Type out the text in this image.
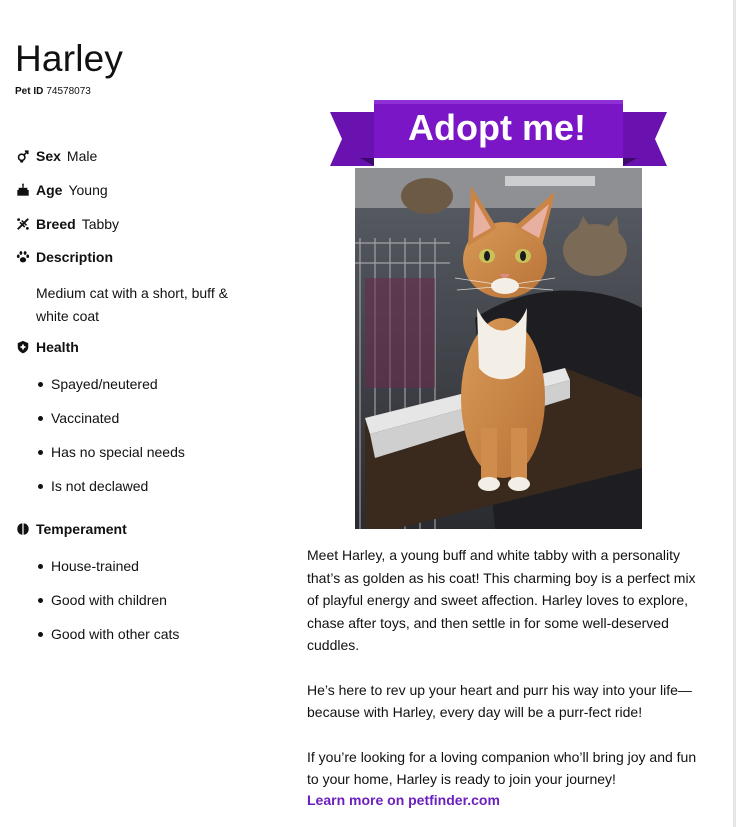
Harley
Pet ID 74578073
Sex Male
Age Young
Breed Tabby
Description
Medium cat with a short, buff & white coat
Health
Spayed/neutered
Vaccinated
Has no special needs
Is not declawed
Temperament
House-trained
Good with children
Good with other cats
Adopt me!

Meet Harley, a young buff and white tabby with a personality that’s as golden as his coat! This charming boy is a perfect mix of playful energy and sweet affection. Harley loves to explore, chase after toys, and then settle in for some well-deserved cuddles.

He’s here to rev up your heart and purr his way into your life—because with Harley, every day will be a purr-fect ride!

If you’re looking for a loving companion who’ll bring joy and fun to your home, Harley is ready to join your journey!

Learn more on petfinder.com
